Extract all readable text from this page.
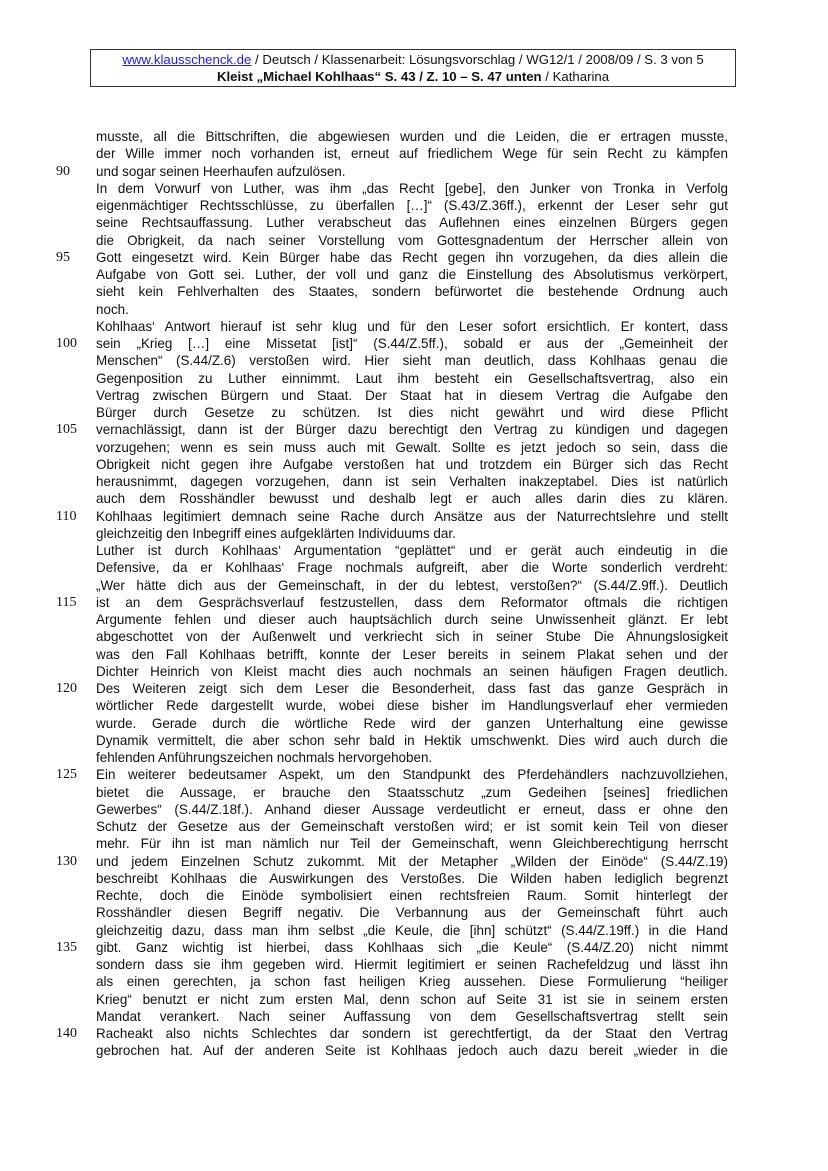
www.klausschenck.de / Deutsch / Klassenarbeit: Lösungsvorschlag / WG12/1 / 2008/09 / S. 3 von 5
Kleist „Michael Kohlhaas“ S. 43 / Z. 10 – S. 47 unten / Katharina
musste, all die Bittschriften, die abgewiesen wurden und die Leiden, die er ertragen musste,
der Wille immer noch vorhanden ist, erneut auf friedlichem Wege für sein Recht zu kämpfen
90	und sogar seinen Heerhaufen aufzulösen.
In dem Vorwurf von Luther, was ihm „das Recht [gebe], den Junker von Tronka in Verfolg
eigenmächtiger Rechtsschlüsse, zu überfallen […]“ (S.43/Z.36ff.), erkennt der Leser sehr gut
seine Rechtsauffassung. Luther verabscheut das Auflehnen eines einzelnen Bürgers gegen
die Obrigkeit, da nach seiner Vorstellung vom Gottesgnadentum der Herrscher allein von
95	Gott eingesetzt wird. Kein Bürger habe das Recht gegen ihn vorzugehen, da dies allein die
Aufgabe von Gott sei. Luther, der voll und ganz die Einstellung des Absolutismus verkörpert,
sieht kein Fehlverhalten des Staates, sondern befürwortet die bestehende Ordnung auch
noch.
Kohlhaas‘ Antwort hierauf ist sehr klug und für den Leser sofort ersichtlich. Er kontert, dass
100	sein „Krieg […] eine Missetat [ist]“ (S.44/Z.5ff.), sobald er aus der „Gemeinheit der
Menschen“ (S.44/Z.6) verstoßen wird. Hier sieht man deutlich, dass Kohlhaas genau die
Gegenposition zu Luther einnimmt. Laut ihm besteht ein Gesellschaftsvertrag, also ein
Vertrag zwischen Bürgern und Staat. Der Staat hat in diesem Vertrag die Aufgabe den
Bürger durch Gesetze zu schützen. Ist dies nicht gewährt und wird diese Pflicht
105	vernachlässigt, dann ist der Bürger dazu berechtigt den Vertrag zu kündigen und dagegen
vorzugehen; wenn es sein muss auch mit Gewalt. Sollte es jetzt jedoch so sein, dass die
Obrigkeit nicht gegen ihre Aufgabe verstoßen hat und trotzdem ein Bürger sich das Recht
herausnimmt, dagegen vorzugehen, dann ist sein Verhalten inakzeptabel. Dies ist natürlich
auch dem Rosshändler bewusst und deshalb legt er auch alles darin dies zu klären.
110	Kohlhaas legitimiert demnach seine Rache durch Ansätze aus der Naturrechtslehre und stellt
gleichzeitig den Inbegriff eines aufgeklärten Individuums dar.
Luther ist durch Kohlhaas‘ Argumentation “geplättet“ und er gerät auch eindeutig in die
Defensive, da er Kohlhaas‘ Frage nochmals aufgreift, aber die Worte sonderlich verdreht:
„Wer hätte dich aus der Gemeinschaft, in der du lebtest, verstoßen?“ (S.44/Z.9ff.). Deutlich
115	ist an dem Gesprächsverlauf festzustellen, dass dem Reformator oftmals die richtigen
Argumente fehlen und dieser auch hauptsächlich durch seine Unwissenheit glänzt. Er lebt
abgeschottet von der Außenwelt und verkriecht sich in seiner Stube Die Ahnungslosigkeit
was den Fall Kohlhaas betrifft, konnte der Leser bereits in seinem Plakat sehen und der
Dichter Heinrich von Kleist macht dies auch nochmals an seinen häufigen Fragen deutlich.
120	Des Weiteren zeigt sich dem Leser die Besonderheit, dass fast das ganze Gespräch in
wörtlicher Rede dargestellt wurde, wobei diese bisher im Handlungsverlauf eher vermieden
wurde. Gerade durch die wörtliche Rede wird der ganzen Unterhaltung eine gewisse
Dynamik vermittelt, die aber schon sehr bald in Hektik umschwenkt. Dies wird auch durch die
fehlenden Anführungszeichen nochmals hervorgehoben.
125	Ein weiterer bedeutsamer Aspekt, um den Standpunkt des Pferdehändlers nachzuvollziehen,
bietet die Aussage, er brauche den Staatsschutz „zum Gedeihen [seines] friedlichen
Gewerbes“ (S.44/Z.18f.). Anhand dieser Aussage verdeutlicht er erneut, dass er ohne den
Schutz der Gesetze aus der Gemeinschaft verstoßen wird; er ist somit kein Teil von dieser
mehr. Für ihn ist man nämlich nur Teil der Gemeinschaft, wenn Gleichberechtigung herrscht
130	und jedem Einzelnen Schutz zukommt. Mit der Metapher „Wilden der Einöde“ (S.44/Z.19)
beschreibt Kohlhaas die Auswirkungen des Verstoßes. Die Wilden haben lediglich begrenzt
Rechte, doch die Einöde symbolisiert einen rechtsfreien Raum. Somit hinterlegt der
Rosshändler diesen Begriff negativ. Die Verbannung aus der Gemeinschaft führt auch
gleichzeitig dazu, dass man ihm selbst „die Keule, die [ihn] schützt“ (S.44/Z.19ff.) in die Hand
135	gibt. Ganz wichtig ist hierbei, dass Kohlhaas sich „die Keule“ (S.44/Z.20) nicht nimmt
sondern dass sie ihm gegeben wird. Hiermit legitimiert er seinen Rachefeldzug und lässt ihn
als einen gerechten, ja schon fast heiligen Krieg aussehen. Diese Formulierung “heiliger
Krieg“ benutzt er nicht zum ersten Mal, denn schon auf Seite 31 ist sie in seinem ersten
Mandat verankert. Nach seiner Auffassung von dem Gesellschaftsvertrag stellt sein
140	Racheakt also nichts Schlechtes dar sondern ist gerechtfertigt, da der Staat den Vertrag
gebrochen hat. Auf der anderen Seite ist Kohlhaas jedoch auch dazu bereit „wieder in die
